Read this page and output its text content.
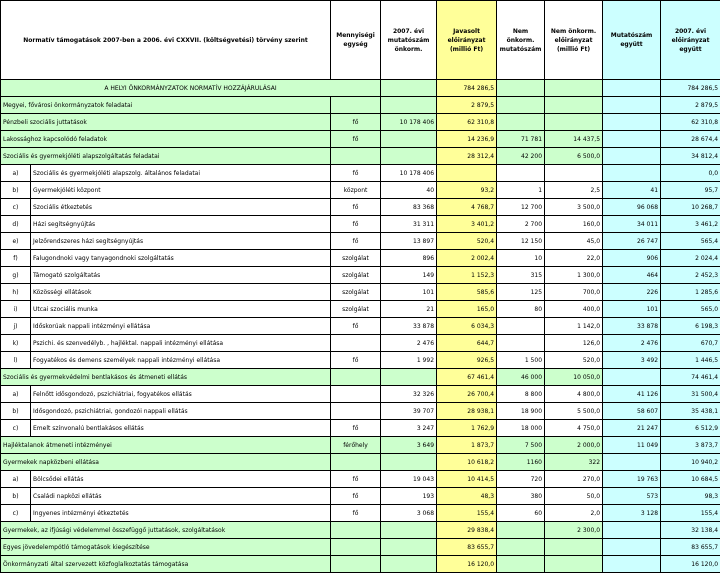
Normatív támogatások 2007-ben a 2006. évi CXXVII. (költségvetési) törvény szerint		Mennyiségi egység	2007. évi mutatószám önkorm.	Javasolt előirányzat (millió Ft)	Nem önkorm. mutatószám	Nem önkorm. előirányzat (millió Ft)	Mutatószám együtt	2007. évi előirányzat együtt
A HELYI ÖNKORMÁNYZATOK NORMATÍV HOZZÁJÁRULÁSAI				784 286,5				784 286,5
Megyei, fővárosi önkormányzatok feladatai				2 879,5				2 879,5
Pénzbeli szociális juttatások		fő	10 178 406	62 310,8				62 310,8
Lakossághoz kapcsolódó feladatok		fő		14 236,9	71 781	14 437,5		28 674,4
Szociális és gyermekjóléti alapszolgáltatás feladatai				28 312,4	42 200	6 500,0		34 812,4
a)	Szociális és gyermekjóléti alapszolg. általános feladatai	fő	10 178 406					0,0
b)	Gyermekjóléti központ	központ	40	93,2	1	2,5	41	95,7
c)	Szociális étkeztetés	fő	83 368	4 768,7	12 700	3 500,0	96 068	10 268,7
d)	Házi segítségnyújtás	fő	31 311	3 401,2	2 700	160,0	34 011	3 461,2
e)	Jelzőrendszeres házi segítségnyújtás	fő	13 897	520,4	12 150	45,0	26 747	565,4
f)	Falugondnoki vagy tanyagondnoki szolgáltatás	szolgálat	896	2 002,4	10	22,0	906	2 024,4
g)	Támogató szolgáltatás	szolgálat	149	1 152,3	315	1 300,0	464	2 452,3
h)	Közösségi ellátások	szolgálat	101	585,6	125	700,0	226	1 285,6
i)	Utcai szociális munka	szolgálat	21	165,0	80	400,0	101	565,0
j)	Időskorúak nappali intézményi ellátása	fő	33 878	6 034,3		1 142,0	33 878	6 198,3
k)	Pszichi. és szenvedélyb. , hajléktal. nappali intézményi ellátása		2 476	644,7		126,0	2 476	670,7
l)	Fogyatékos és demens személyek nappali intézményi ellátása	fő	1 992	926,5	1 500	520,0	3 492	1 446,5
Szociális és gyermekvédelmi bentlakásos és átmeneti ellátás				67 461,4	46 000	10 050,0		74 461,4
a)	Felnőtt idősgondozó, pszichiátriai, fogyatékos ellátás		32 326	26 700,4	8 800	4 800,0	41 126	31 500,4
b)	Idősgondozó, pszichiátriai, gondozói nappali ellátás		39 707	28 938,1	18 900	5 500,0	58 607	35 438,1
c)	Emelt színvonalú bentlakásos ellátás	fő	3 247	1 762,9	18 000	4 750,0	21 247	6 512,9
Hajléktalanok átmeneti intézményei		férőhely	3 649	1 873,7	7 500	2 000,0	11 049	3 873,7
Gyermekek napközbeni ellátása				10 618,2	1160	322		10 940,2
a)	Bölcsődei ellátás	fő	19 043	10 414,5	720	270,0	19 763	10 684,5
b)	Családi napközi ellátás	fő	193	48,3	380	50,0	573	98,3
c)	Ingyenes intézményi étkeztetés	fő	3 068	155,4	60	2,0	3 128	155,4
Gyermekek, az ifjúsági védelemmel összefüggő juttatások, szolgáltatások				29 838,4		2 300,0		32 138,4
Egyes jövedelempótló támogatások kiegészítése				83 655,7				83 655,7
Önkormányzati által szervezett közfoglalkoztatás támogatása				16 120,0				16 120,0
